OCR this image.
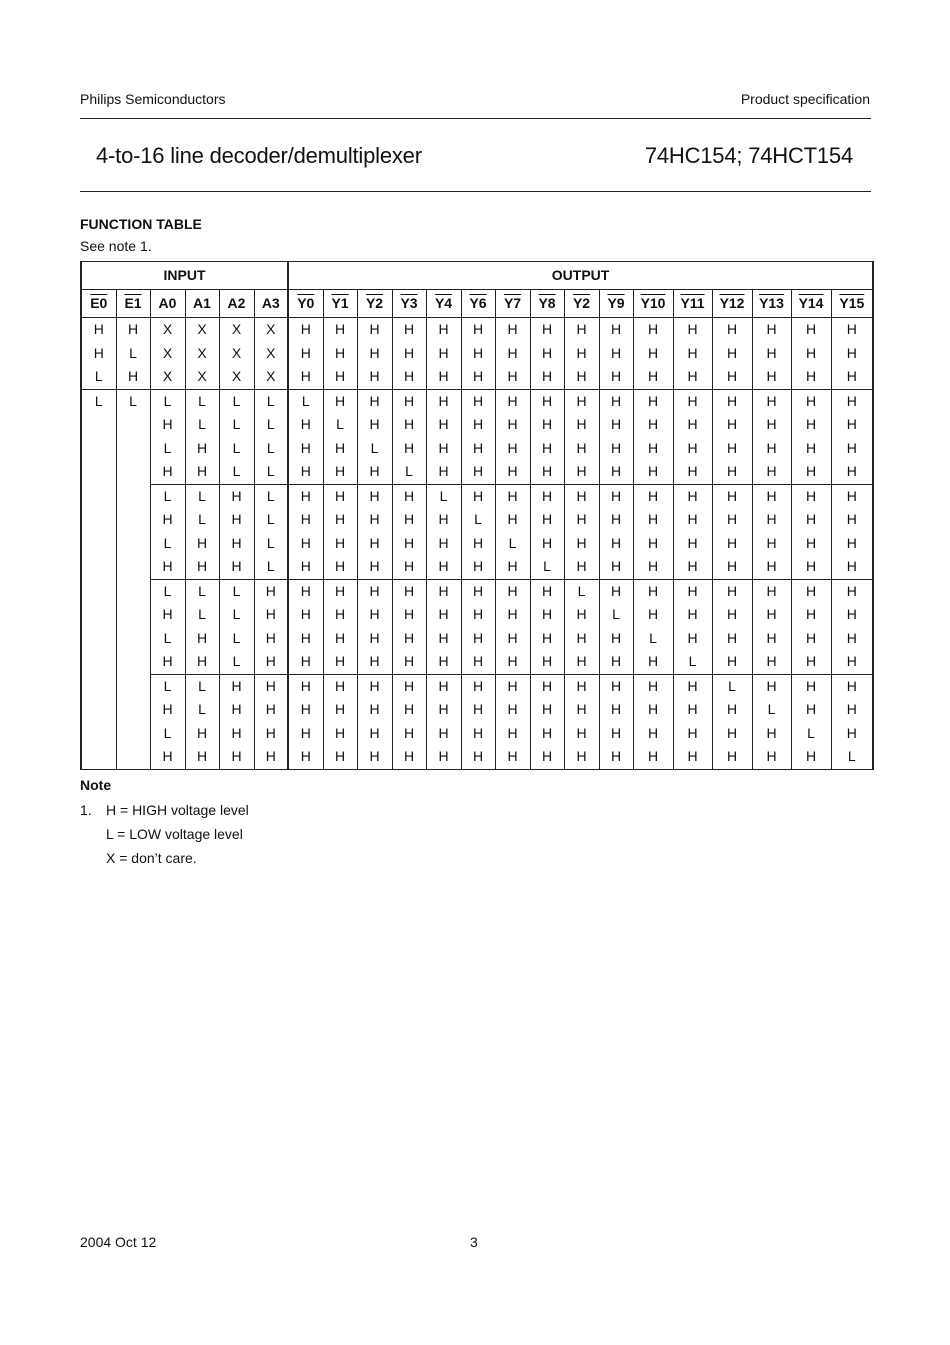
Philips Semiconductors	Product specification
4-to-16 line decoder/demultiplexer	74HC154; 74HCT154
FUNCTION TABLE
See note 1.
INPUT						OUTPUT															
E0	E1	A0	A1	A2	A3	Y0	Y1	Y2	Y3	Y4	Y6	Y7	Y8	Y2	Y9	Y10	Y11	Y12	Y13	Y14	Y15
H	H	X	X	X	X	H	H	H	H	H	H	H	H	H	H	H	H	H	H	H	H
H	L	X	X	X	X	H	H	H	H	H	H	H	H	H	H	H	H	H	H	H	H
L	H	X	X	X	X	H	H	H	H	H	H	H	H	H	H	H	H	H	H	H	H
L	L	L	L	L	L	L	H	H	H	H	H	H	H	H	H	H	H	H	H	H	H
		H	L	L	L	H	L	H	H	H	H	H	H	H	H	H	H	H	H	H	H
		L	H	L	L	H	H	L	H	H	H	H	H	H	H	H	H	H	H	H	H
		H	H	L	L	H	H	H	L	H	H	H	H	H	H	H	H	H	H	H	H
		L	L	H	L	H	H	H	H	L	H	H	H	H	H	H	H	H	H	H	H
		H	L	H	L	H	H	H	H	H	L	H	H	H	H	H	H	H	H	H	H
		L	H	H	L	H	H	H	H	H	H	L	H	H	H	H	H	H	H	H	H
		H	H	H	L	H	H	H	H	H	H	H	L	H	H	H	H	H	H	H	H
		L	L	L	H	H	H	H	H	H	H	H	H	L	H	H	H	H	H	H	H
		H	L	L	H	H	H	H	H	H	H	H	H	H	L	H	H	H	H	H	H
		L	H	L	H	H	H	H	H	H	H	H	H	H	H	L	H	H	H	H	H
		H	H	L	H	H	H	H	H	H	H	H	H	H	H	H	L	H	H	H	H
		L	L	H	H	H	H	H	H	H	H	H	H	H	H	H	H	L	H	H	H
		H	L	H	H	H	H	H	H	H	H	H	H	H	H	H	H	H	L	H	H
		L	H	H	H	H	H	H	H	H	H	H	H	H	H	H	H	H	H	L	H
		H	H	H	H	H	H	H	H	H	H	H	H	H	H	H	H	H	H	H	L
Note
1. H = HIGH voltage level
L = LOW voltage level
X = don’t care.
2004 Oct 12	3
